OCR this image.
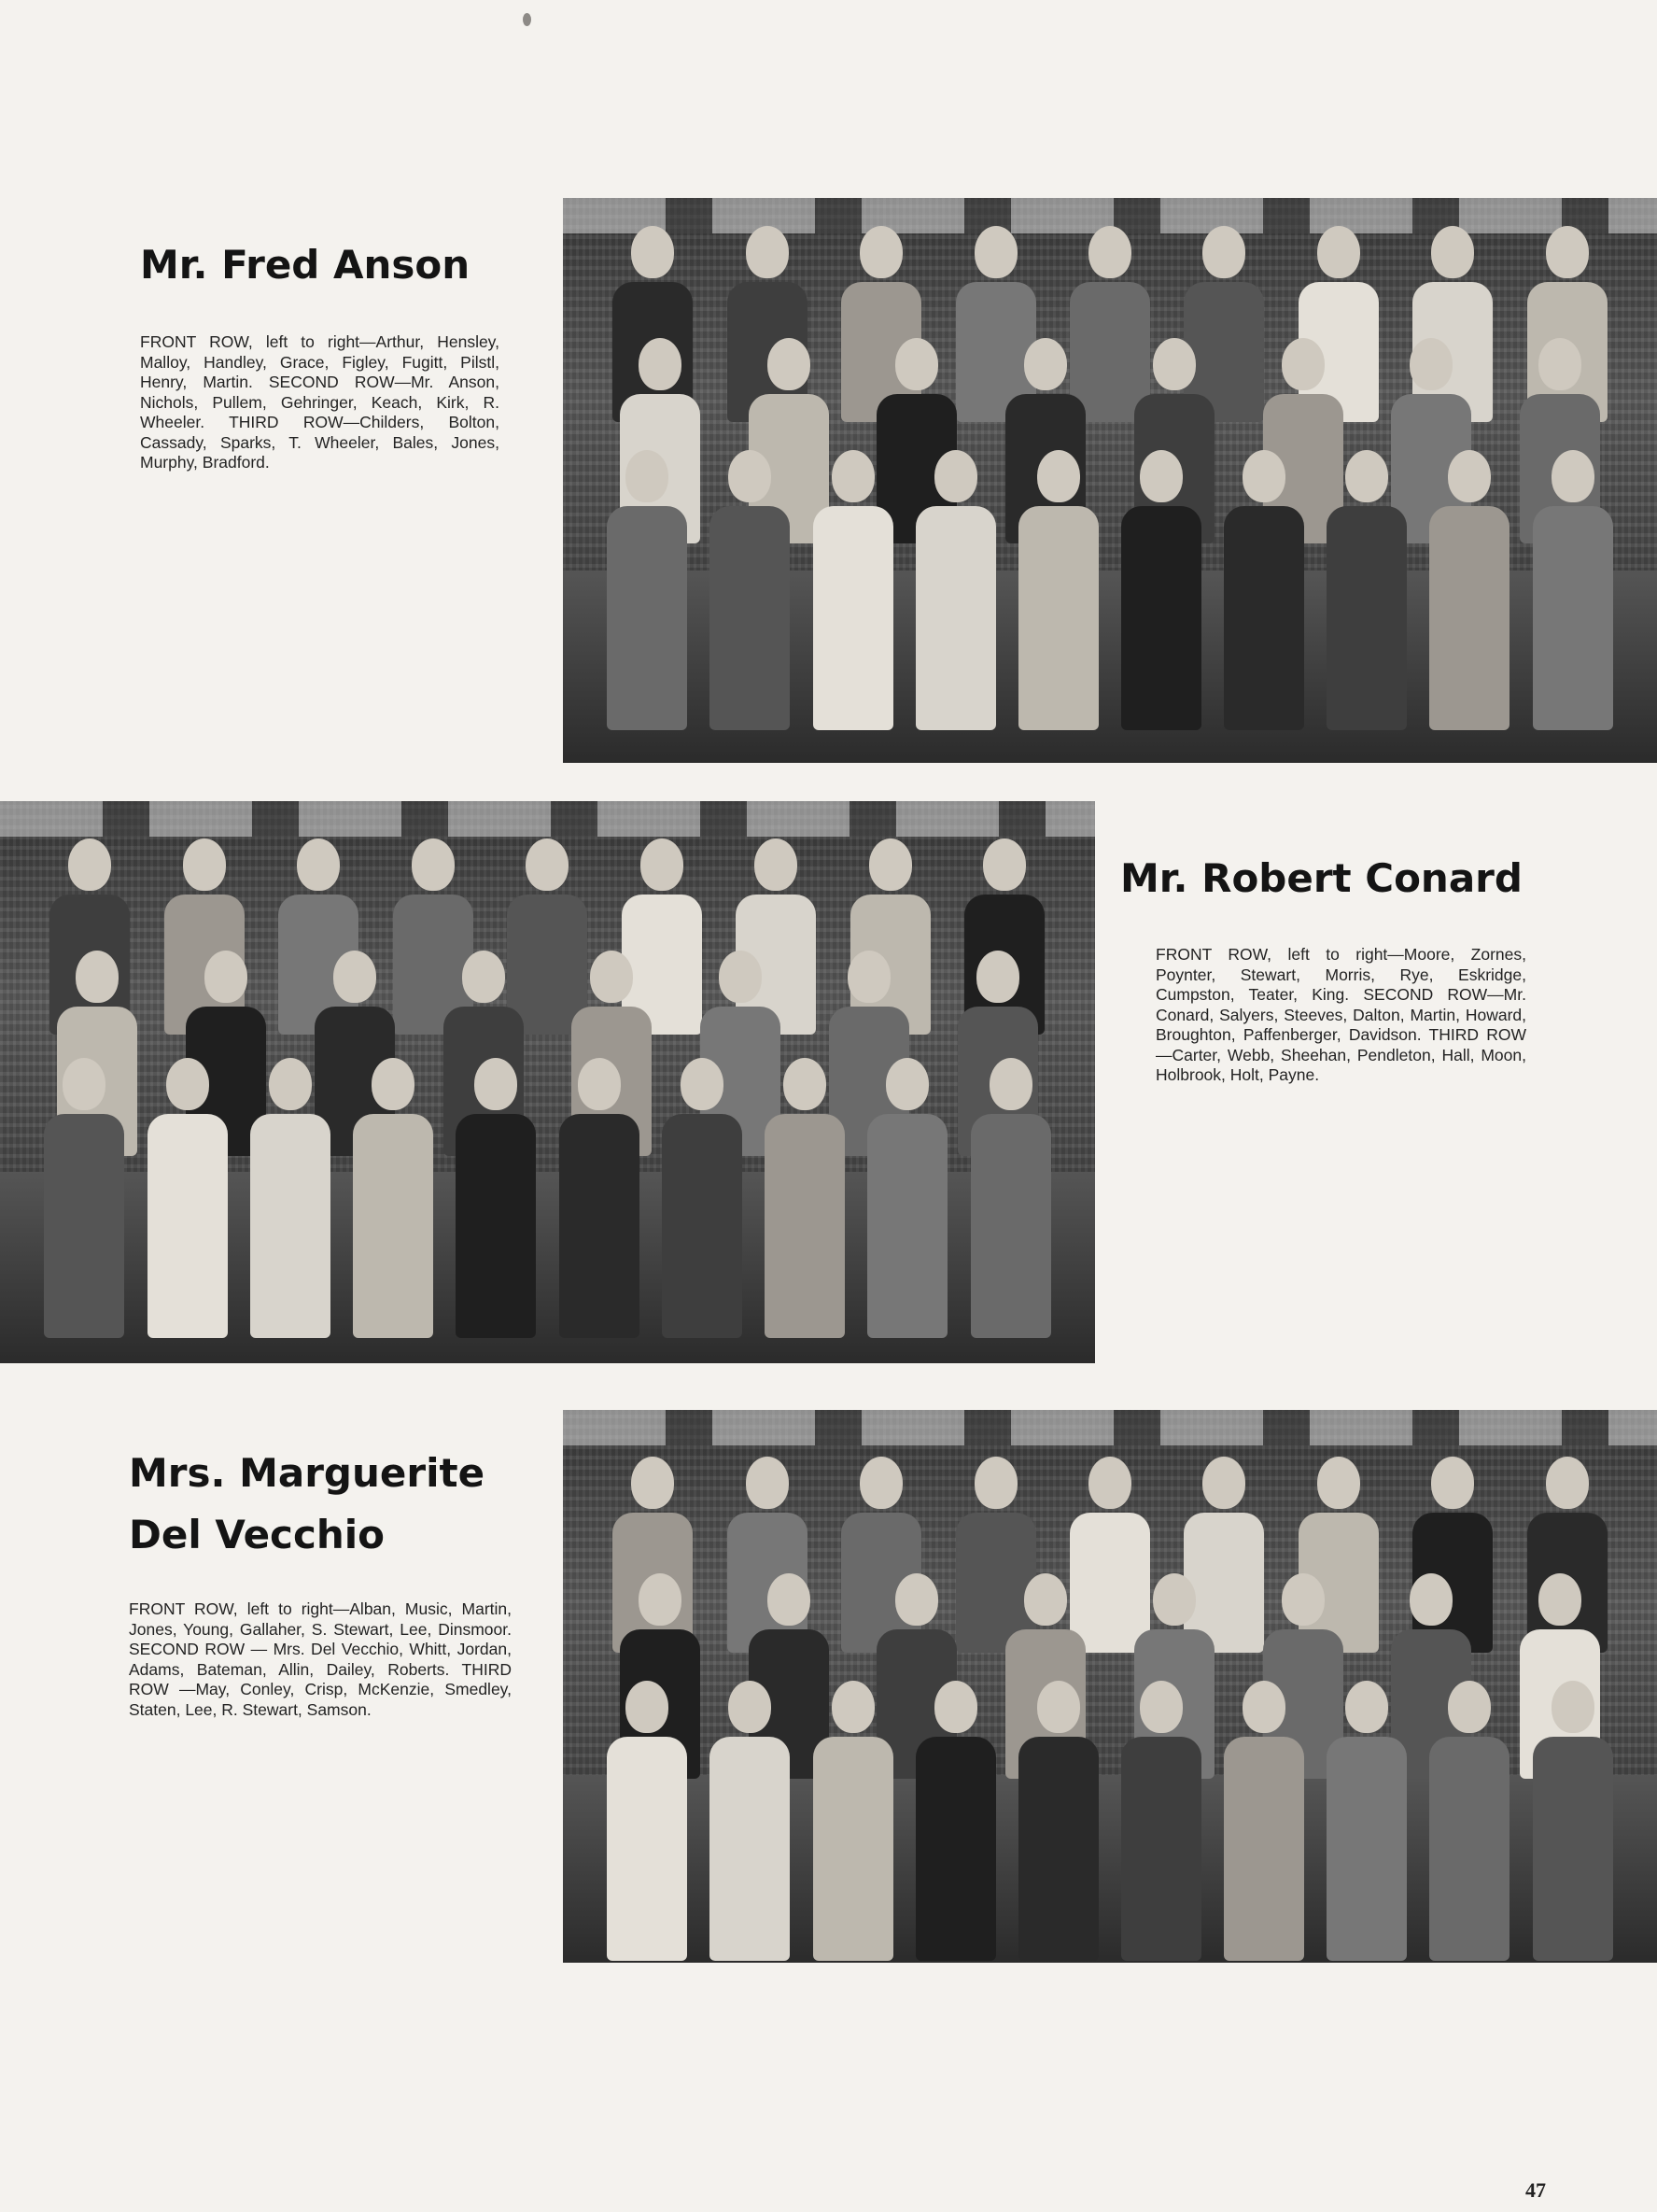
Mr. Fred Anson
FRONT ROW, left to right—Arthur, Hensley, Malloy, Handley, Grace, Figley, Fugitt, Pilstl, Henry, Martin. SECOND ROW—Mr. Anson, Nichols, Pullem, Gehringer, Keach, Kirk, R. Wheeler. THIRD ROW—Childers, Bolton, Cassady, Sparks, T. Wheeler, Bales, Jones, Murphy, Bradford.
Mr. Robert Conard
FRONT ROW, left to right—Moore, Zornes, Poynter, Stewart, Morris, Rye, Eskridge, Cumpston, Teater, King. SECOND ROW—Mr. Conard, Salyers, Steeves, Dalton, Martin, Howard, Broughton, Paffenberger, Davidson. THIRD ROW—Carter, Webb, Sheehan, Pendleton, Hall, Moon, Holbrook, Holt, Payne.
Mrs. Marguerite
Del Vecchio
FRONT ROW, left to right—Alban, Music, Martin, Jones, Young, Gallaher, S. Stewart, Lee, Dinsmoor. SECOND ROW — Mrs. Del Vecchio, Whitt, Jordan, Adams, Bateman, Allin, Dailey, Roberts. THIRD ROW —May, Conley, Crisp, McKenzie, Smedley, Staten, Lee, R. Stewart, Samson.
47
